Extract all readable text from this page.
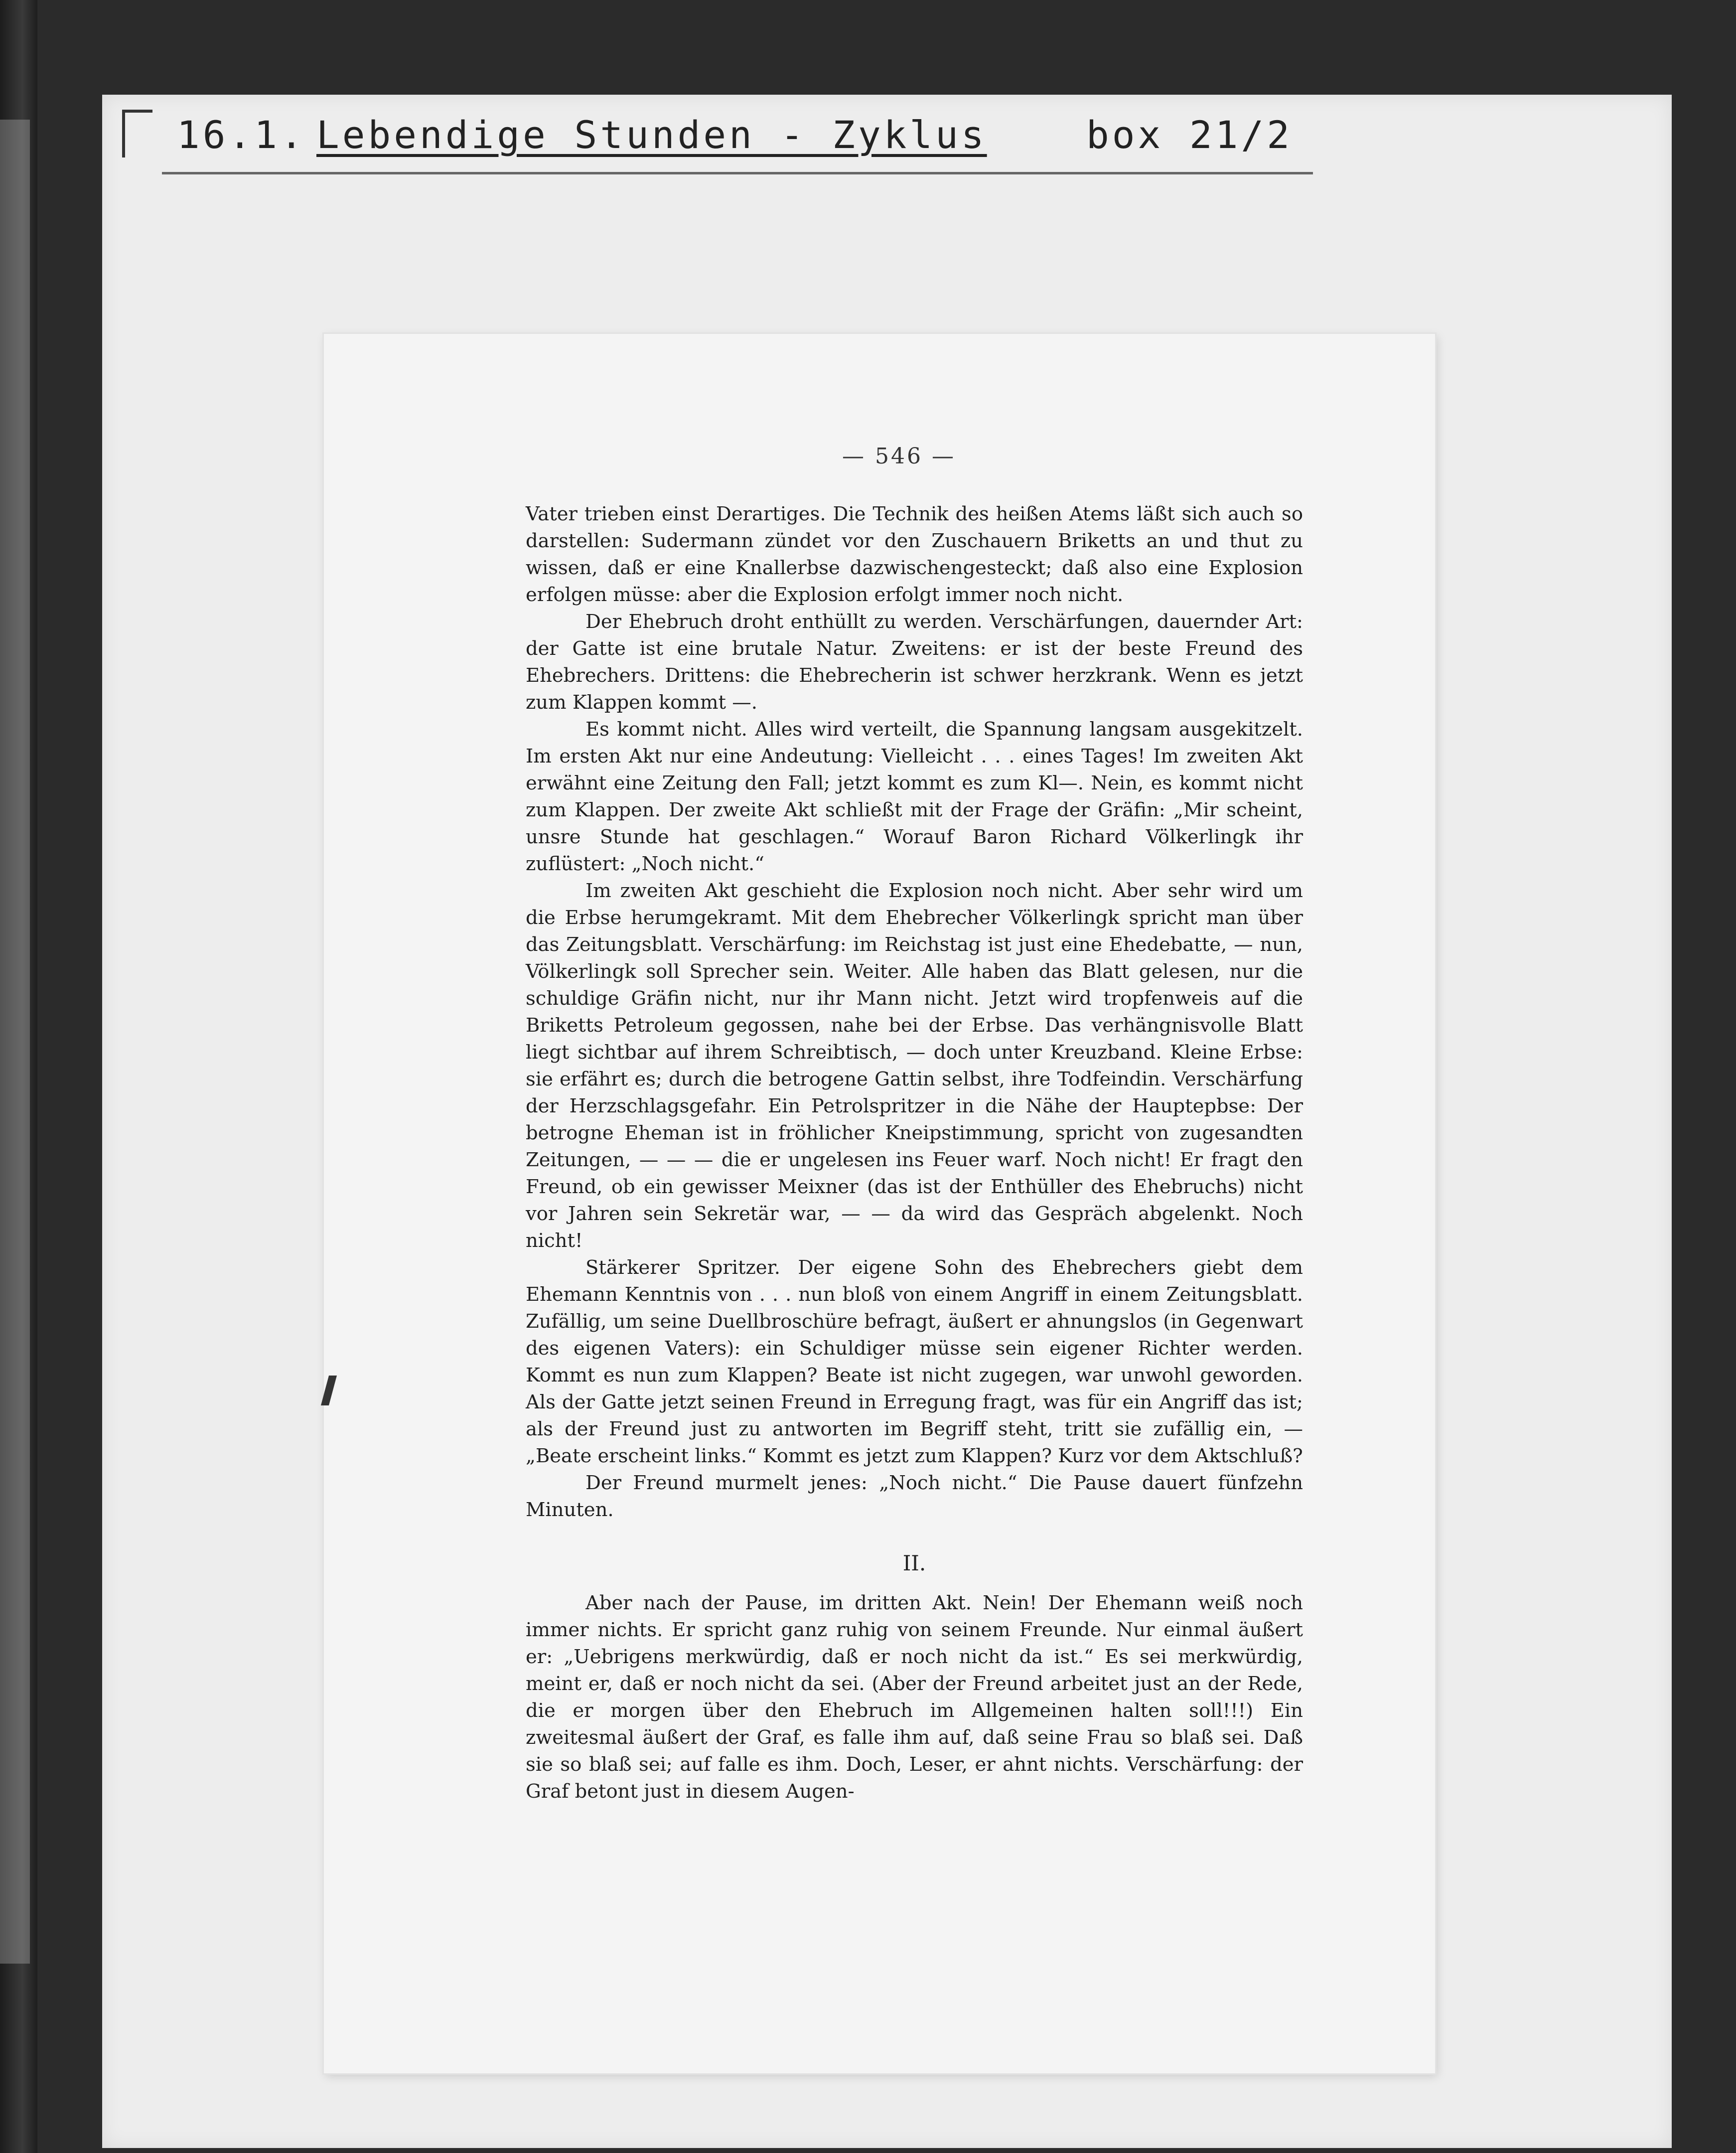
16.1. Lebendige Stunden - Zyklus	box 21/2
— 546 —

Vater trieben einst Derartiges. Die Technik des heißen Atems läßt sich auch so darstellen: Sudermann zündet vor den Zuschauern Briketts an und thut zu wissen, daß er eine Knallerbse dazwischengesteckt; daß also eine Explosion erfolgen müsse: aber die Explosion erfolgt immer noch nicht.

Der Ehebruch droht enthüllt zu werden. Verschärfungen, dauernder Art: der Gatte ist eine brutale Natur. Zweitens: er ist der beste Freund des Ehebrechers. Drittens: die Ehebrecherin ist schwer herzkrank. Wenn es jetzt zum Klappen kommt —.

Es kommt nicht. Alles wird verteilt, die Spannung langsam ausgekitzelt. Im ersten Akt nur eine Andeutung: Vielleicht . . . eines Tages! Im zweiten Akt erwähnt eine Zeitung den Fall; jetzt kommt es zum Kl—. Nein, es kommt nicht zum Klappen. Der zweite Akt schließt mit der Frage der Gräfin: „Mir scheint, unsre Stunde hat geschlagen.“ Worauf Baron Richard Völkerlingk ihr zuflüstert: „Noch nicht.“

Im zweiten Akt geschieht die Explosion noch nicht. Aber sehr wird um die Erbse herumgekramt. Mit dem Ehebrecher Völkerlingk spricht man über das Zeitungsblatt. Verschärfung: im Reichstag ist just eine Ehedebatte, — nun, Völkerlingk soll Sprecher sein. Weiter. Alle haben das Blatt gelesen, nur die schuldige Gräfin nicht, nur ihr Mann nicht. Jetzt wird tropfenweis auf die Briketts Petroleum gegossen, nahe bei der Erbse. Das verhängnisvolle Blatt liegt sichtbar auf ihrem Schreibtisch, — doch unter Kreuzband. Kleine Erbse: sie erfährt es; durch die betrogene Gattin selbst, ihre Todfeindin. Verschärfung der Herzschlagsgefahr. Ein Petrolspritzer in die Nähe der Hauptерbse: Der betrogne Eheman ist in fröhlicher Kneipstimmung, spricht von zugesandten Zeitungen, — — — die er ungelesen ins Feuer warf. Noch nicht! Er fragt den Freund, ob ein gewisser Meixner (das ist der Enthüller des Ehebruchs) nicht vor Jahren sein Sekretär war, — — da wird das Gespräch abgelenkt. Noch nicht!

Stärkerer Spritzer. Der eigene Sohn des Ehebrechers giebt dem Ehemann Kenntnis von . . . nun bloß von einem Angriff in einem Zeitungsblatt. Zufällig, um seine Duellbroschüre befragt, äußert er ahnungslos (in Gegenwart des eigenen Vaters): ein Schuldiger müsse sein eigener Richter werden. Kommt es nun zum Klappen? Beate ist nicht zugegen, war unwohl geworden. Als der Gatte jetzt seinen Freund in Erregung fragt, was für ein Angriff das ist; als der Freund just zu antworten im Begriff steht, tritt sie zufällig ein, — „Beate erscheint links.“ Kommt es jetzt zum Klappen? Kurz vor dem Aktschluß?

Der Freund murmelt jenes: „Noch nicht.“ Die Pause dauert fünfzehn Minuten.

II.

Aber nach der Pause, im dritten Akt. Nein! Der Ehemann weiß noch immer nichts. Er spricht ganz ruhig von seinem Freunde. Nur einmal äußert er: „Uebrigens merkwürdig, daß er noch nicht da ist.“ Es sei merkwürdig, meint er, daß er noch nicht da sei. (Aber der Freund arbeitet just an der Rede, die er morgen über den Ehebruch im Allgemeinen halten soll!!!) Ein zweitesmal äußert der Graf, es falle ihm auf, daß seine Frau so blaß sei. Daß sie so blaß sei; auf falle es ihm. Doch, Leser, er ahnt nichts. Verschärfung: der Graf betont just in diesem Augen-
